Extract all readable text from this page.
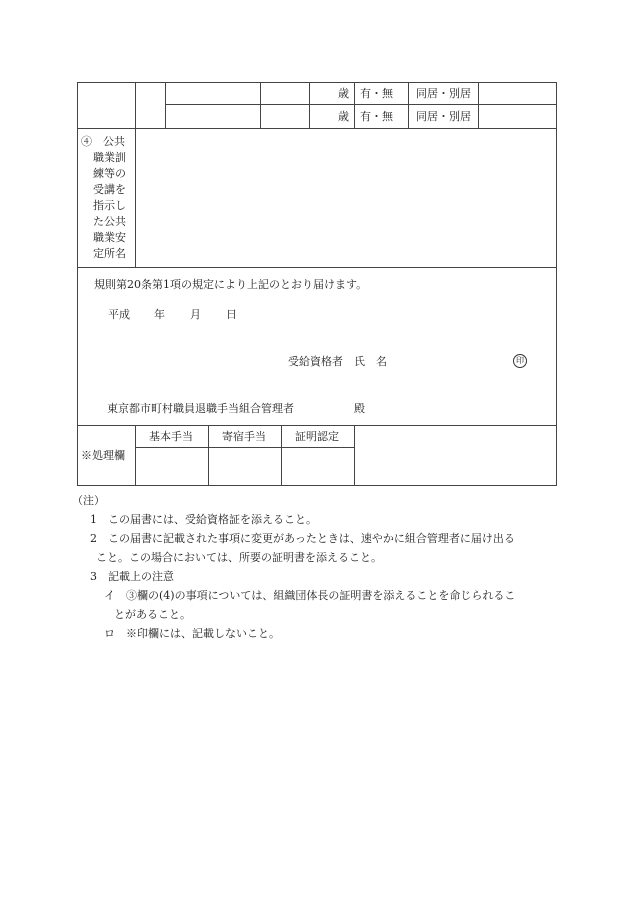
歳 有・無 同居・別居
歳 有・無 同居・別居
④　公共
職業訓
練等の
受講を
指示し
た公共
職業安
定所名
規則第20条第1項の規定により上記のとおり届けます。
平成 年 月 日
受給資格者　氏　名	印
東京都市町村職員退職手当組合管理者	殿
※処理欄
基本手当	寄宿手当	証明認定
（注）
1　この届書には、受給資格証を添えること。
2　この届書に記載された事項に変更があったときは、速やかに組合管理者に届け出る
こと。この場合においては、所要の証明書を添えること。
3　記載上の注意
イ　③欄の(4)の事項については、組織団体長の証明書を添えることを命じられるこ
とがあること。
ロ　※印欄には、記載しないこと。
